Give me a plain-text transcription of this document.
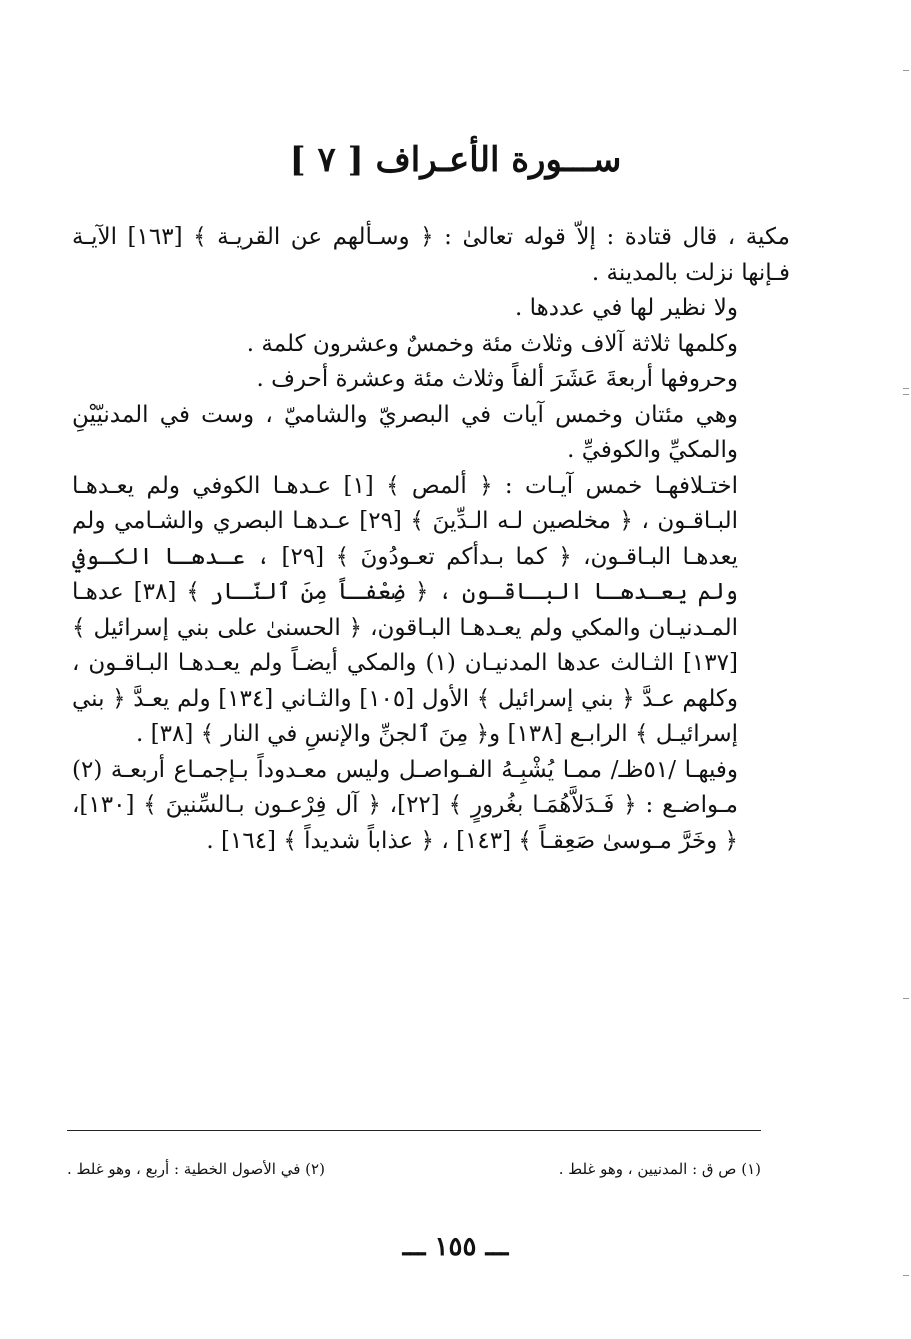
ســـورة الأعـراف [ ٧ ]

مكية ، قال قتادة : إلاّ قوله تعالىٰ : ﴿ وسـألهم عن القريـة ﴾ [١٦٣] الآيـة فـإنها نزلت بالمدينة .

ولا نظير لها في عددها .

وكلمها ثلاثة آلاف وثلاث مئة وخمسٌ وعشرون كلمة .

وحروفها أربعةَ عَشَرَ ألفاً وثلاث مئة وعشرة أحرف .

وهي مئتان وخمس آيات في البصريّ والشاميّ ، وست في المدنيّيْنِ والمكيِّ والكوفيِّ .

اختـلافهـا خمس آيـات : ﴿ ألمص ﴾ [١] عـدهـا الكوفي ولم يعـدهـا البـاقـون ، ﴿ مخلصين لـه الـدِّينَ ﴾ [٢٩] عـدهـا البصري والشـامي ولم يعدهـا البـاقـون، ﴿ كما بـدأكم تعـودُونَ ﴾ [٢٩] ، عـدهـا الكـوفي ولم يعـدهـا البـاقـون ، ﴿ ضِعْفـاً مِنَ ٱلنّـار ﴾ [٣٨] عدهـا المـدنيـان والمكي ولم يعـدهـا البـاقون، ﴿ الحسنىٰ على بني إسرائيل ﴾ [١٣٧] الثـالث عدها المدنيـان (١) والمكي أيضـاً ولم يعـدهـا البـاقـون ، وكلهم عـدَّ ﴿ بني إسرائيل ﴾ الأول [١٠٥] والثـاني [١٣٤] ولم يعـدَّ ﴿ بني إسرائيـل ﴾ الرابـع [١٣٨] و﴿ مِنَ ٱلجنِّ والإنسِ في النار ﴾ [٣٨] .

وفيهـا /٥١ظـ/ ممـا يُشْبِـهُ الفـواصـل وليس معـدوداً بـإجمـاع أربعـة (٢) مـواضـع : ﴿ فَـدَلاَّهُمَـا بغُرورٍ ﴾ [٢٢]، ﴿ آل فِرْعـون بـالسِّنينَ ﴾ [١٣٠]، ﴿ وخَرَّ مـوسىٰ صَعِقـاً ﴾ [١٤٣] ، ﴿ عذاباً شديداً ﴾ [١٦٤] .

(١) ص ق : المدنيين ، وهو غلط .
(٢) في الأصول الخطية : أربع ، وهو غلط .
ـــ ١٥٥ ـــ
